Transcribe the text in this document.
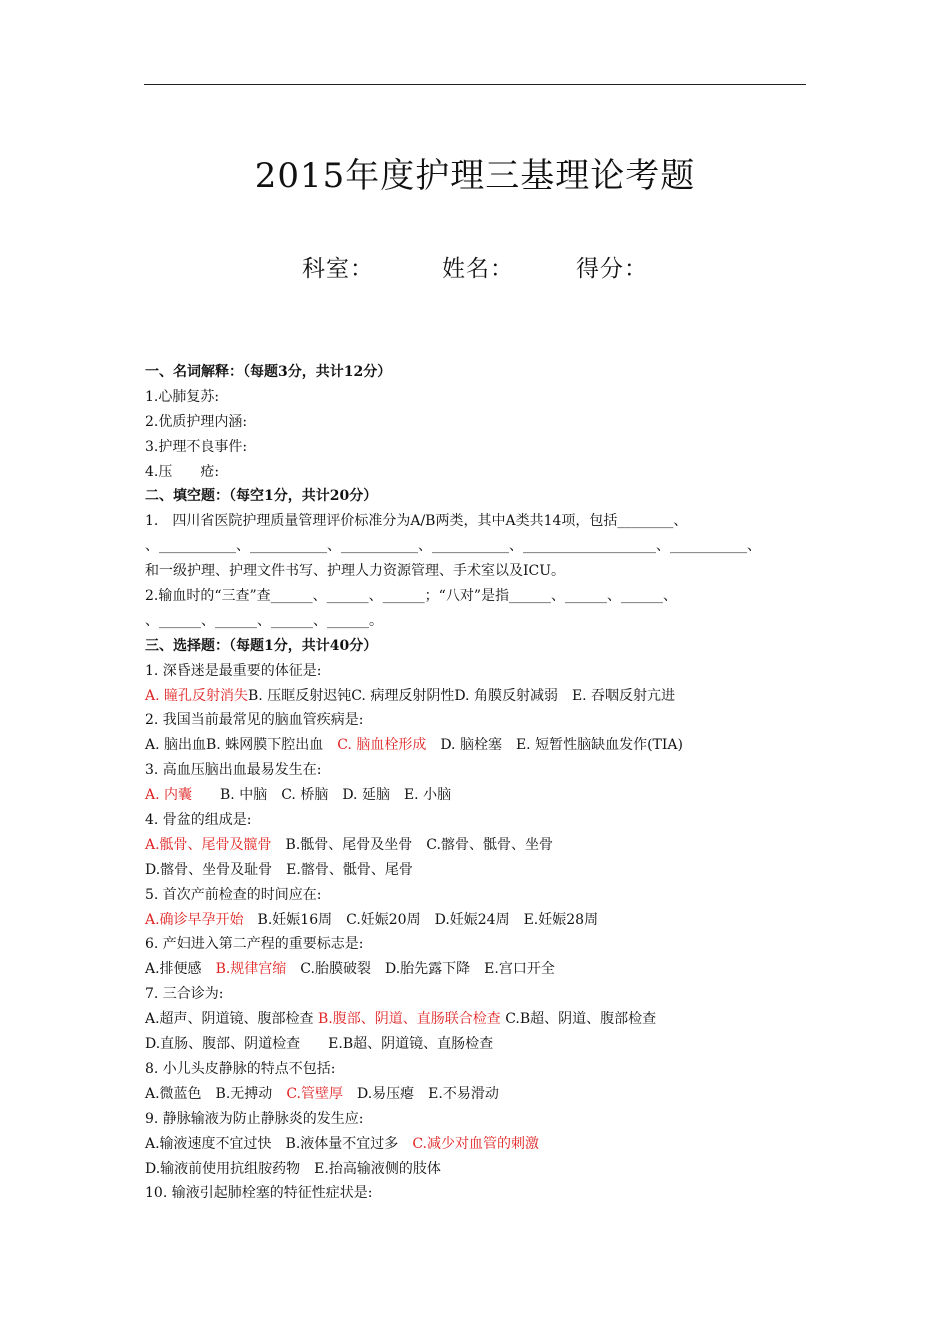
2015年度护理三基理论考题
科室：	姓名：	得分：
一、名词解释：（每题3分，共计12分）
1.心肺复苏:
2.优质护理内涵:
3.护理不良事件:
4.压　　疮:
二、填空题：（每空1分，共计20分）
1.　四川省医院护理质量管理评价标准分为A/B两类，其中A类共14项，包括________、
、___________、___________、___________、___________、___________________、___________、
和一级护理、护理文件书写、护理人力资源管理、手术室以及ICU。
2.输血时的“三查”查______、______、______；“八对”是指______、______、______、
、______、______、______、______。
三、选择题：（每题1分，共计40分）
1. 深昏迷是最重要的体征是:
A. 瞳孔反射消失B. 压眶反射迟钝C. 病理反射阴性D. 角膜反射减弱　E. 吞咽反射亢进
2. 我国当前最常见的脑血管疾病是:
A. 脑出血B. 蛛网膜下腔出血　C. 脑血栓形成　D. 脑栓塞　E. 短暂性脑缺血发作(TIA)
3. 高血压脑出血最易发生在:
A. 内囊　　B. 中脑　C. 桥脑　D. 延脑　E. 小脑
4. 骨盆的组成是:
A.骶骨、尾骨及髋骨　B.骶骨、尾骨及坐骨　C.髂骨、骶骨、坐骨
D.髂骨、坐骨及耻骨　E.髂骨、骶骨、尾骨
5. 首次产前检查的时间应在:
A.确诊早孕开始　B.妊娠16周　C.妊娠20周　D.妊娠24周　E.妊娠28周
6. 产妇进入第二产程的重要标志是:
A.排便感　B.规律宫缩　C.胎膜破裂　D.胎先露下降　E.宫口开全
7. 三合诊为:
A.超声、阴道镜、腹部检查 B.腹部、阴道、直肠联合检查 C.B超、阴道、腹部检查
D.直肠、腹部、阴道检查　　E.B超、阴道镜、直肠检查
8. 小儿头皮静脉的特点不包括:
A.微蓝色　B.无搏动　C.管壁厚　D.易压瘪　E.不易滑动
9. 静脉输液为防止静脉炎的发生应:
A.输液速度不宜过快　B.液体量不宜过多　C.减少对血管的刺激
D.输液前使用抗组胺药物　E.抬高输液侧的肢体
10. 输液引起肺栓塞的特征性症状是:
